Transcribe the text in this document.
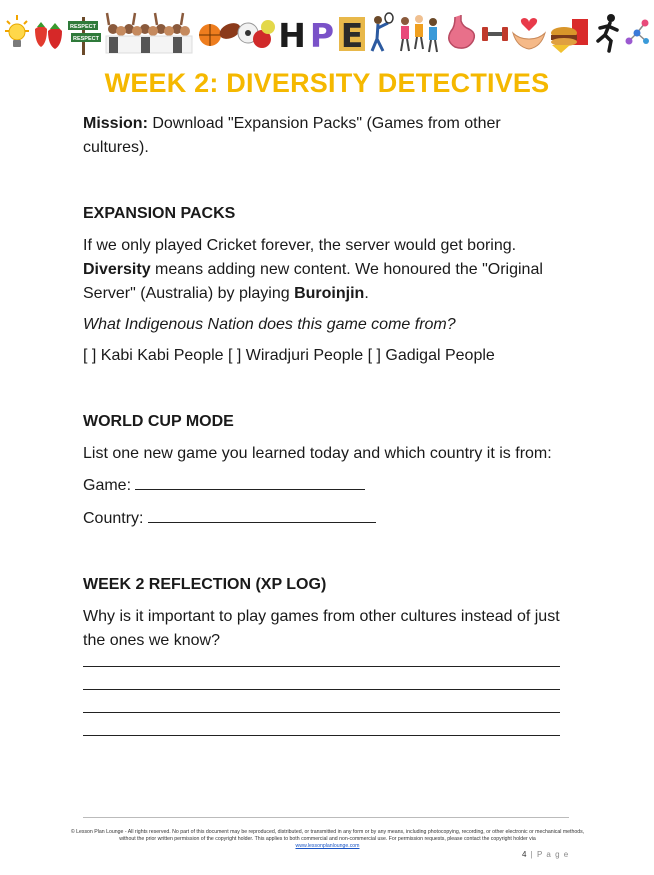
RESPECT
RESPECT	H P E
WEEK 2: DIVERSITY DETECTIVES

Mission: Download "Expansion Packs" (Games from other cultures).

EXPANSION PACKS

If we only played Cricket forever, the server would get boring. Diversity means adding new content. We honoured the "Original Server" (Australia) by playing Buroinjin.

What Indigenous Nation does this game come from?

[ ] Kabi Kabi People [ ] Wiradjuri People [ ] Gadigal People

WORLD CUP MODE

List one new game you learned today and which country it is from:

Game:

Country:

WEEK 2 REFLECTION (XP LOG)

Why is it important to play games from other cultures instead of just the ones we know?

© Lesson Plan Lounge - All rights reserved. No part of this document may be reproduced, distributed, or transmitted in any form or by any means, including photocopying, recording, or other electronic or mechanical methods, without the prior written permission of the copyright holder. This applies to both commercial and non-commercial use. For permission requests, please contact the copyright holder via
www.lessonplanlounge.com
4 | P a g e
